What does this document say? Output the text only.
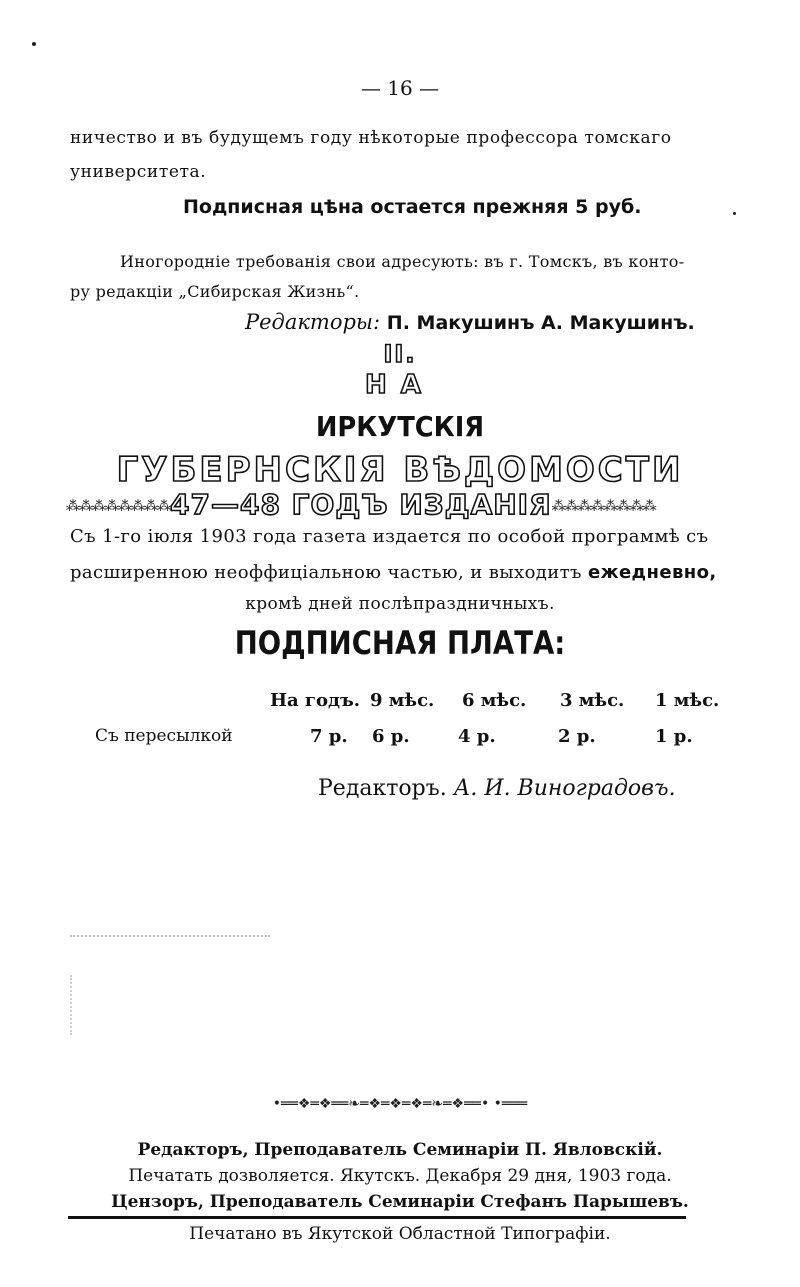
— 16 —
ничество и въ будущемъ году нѣкоторые профессора томскаго
университета.
Подписная цѣна остается прежняя 5 руб.
Иногородніе требованія свои адресують: въ г. Томскъ, въ конто-
ру редакціи „Сибирская Жизнь“.
Редакторы: П. Макушинъ А. Макушинъ.
II.
НА
ИРКУТСКІЯ
ГУБЕРНСКІЯ ВѢДОМОСТИ
⁂⁂⁂⁂⁂⁂⁂⁂47—48 ГОДЪ ИЗДАНІЯ⁂⁂⁂⁂⁂⁂⁂⁂
Съ 1-го іюля 1903 года газета издается по особой программѣ съ
расширенною неоффиціальною частью, и выходитъ ежедневно,
кромѣ дней послѣпраздничныхъ.
ПОДПИСНАЯ ПЛАТА:
На годъ. 9 мѣс. 6 мѣс. 3 мѣс. 1 мѣс.
Съ пересылкой	7 р. 6 р.	4 р.	2 р.	1 р.
Редакторъ. А. И. Виноградовъ.
•══❖═❖══❧═❖═❖═❖═❧═❖══• •═══
Редакторъ, Преподаватель Семинаріи П. Явловскій.
Печатать дозволяется. Якутскъ. Декабря 29 дня, 1903 года.
Цензоръ, Преподаватель Семинаріи Стефанъ Парышевъ.
Печатано въ Якутской Областной Типографіи.
